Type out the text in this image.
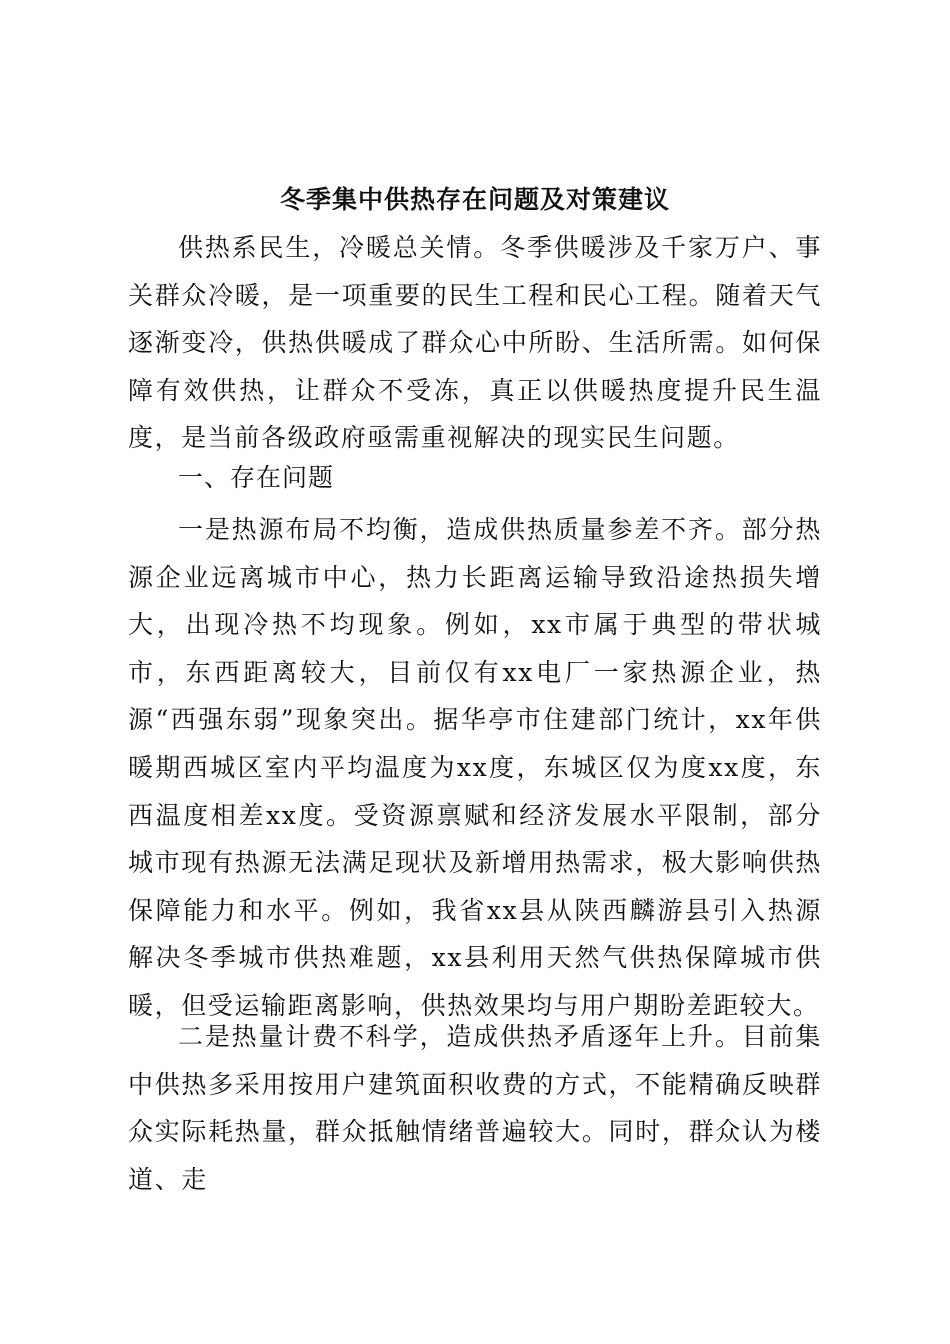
冬季集中供热存在问题及对策建议

供热系民生，冷暖总关情。冬季供暖涉及千家万户、事关群众冷暖，是一项重要的民生工程和民心工程。随着天气逐渐变冷，供热供暖成了群众心中所盼、生活所需。如何保障有效供热，让群众不受冻，真正以供暖热度提升民生温度，是当前各级政府亟需重视解决的现实民生问题。

一、存在问题

一是热源布局不均衡，造成供热质量参差不齐。部分热源企业远离城市中心，热力长距离运输导致沿途热损失增大，出现冷热不均现象。例如，xx市属于典型的带状城市，东西距离较大，目前仅有xx电厂一家热源企业，热源“西强东弱”现象突出。据华亭市住建部门统计，xx年供暖期西城区室内平均温度为xx度，东城区仅为度xx度，东西温度相差xx度。受资源禀赋和经济发展水平限制，部分城市现有热源无法满足现状及新增用热需求，极大影响供热保障能力和水平。例如，我省xx县从陕西麟游县引入热源解决冬季城市供热难题，xx县利用天然气供热保障城市供暖，但受运输距离影响，供热效果均与用户期盼差距较大。

二是热量计费不科学，造成供热矛盾逐年上升。目前集中供热多采用按用户建筑面积收费的方式，不能精确反映群众实际耗热量，群众抵触情绪普遍较大。同时，群众认为楼道、走
